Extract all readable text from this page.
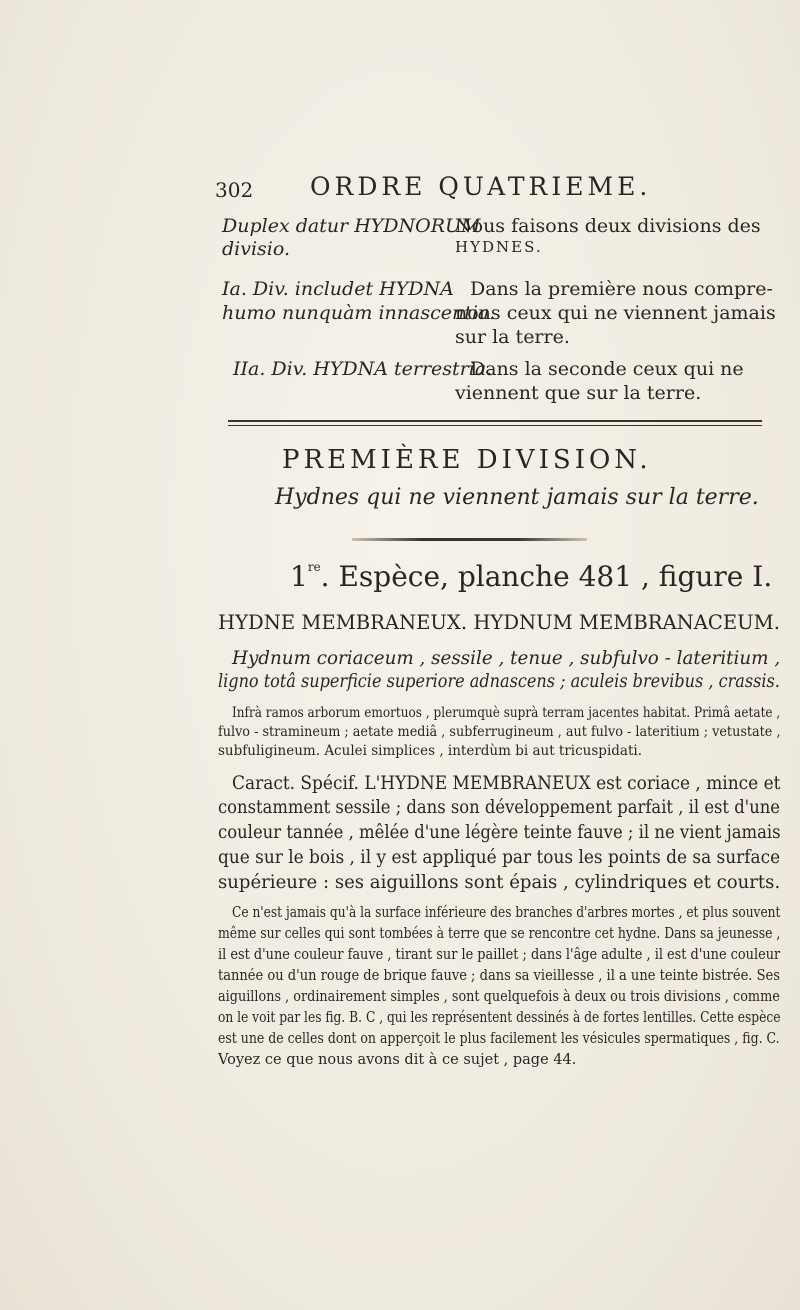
302 ORDRE QUATRIEME.
Duplex datur HYDNORUM
divisio.
Nous faisons deux divisions des
HYDNES.
Ia. Div. includet HYDNA
humo nunquàm innascentia.
Dans la première nous compre-
nons ceux qui ne viennent jamais
sur la terre.
IIa. Div. HYDNA terrestria.
Dans la seconde ceux qui ne
viennent que sur la terre.
PREMIÈRE DIVISION.
Hydnes qui ne viennent jamais sur la terre.
1re. Espèce, planche 481 , figure I.
HYDNE MEMBRANEUX. HYDNUM MEMBRANACEUM.
Hydnum coriaceum , sessile , tenue , subfulvo - lateritium ,
ligno totâ superficie superiore adnascens ; aculeis brevibus , crassis.
Infrà ramos arborum emortuos , plerumquè suprà terram jacentes habitat. Primâ aetate ,
fulvo - stramineum ; aetate mediâ , subferrugineum , aut fulvo - lateritium ; vetustate ,
subfuligineum. Aculei simplices , interdùm bi aut tricuspidati.
Caract. Spécif. L'HYDNE MEMBRANEUX est coriace , mince et
constamment sessile ; dans son développement parfait , il est d'une
couleur tannée , mêlée d'une légère teinte fauve ; il ne vient jamais
que sur le bois , il y est appliqué par tous les points de sa surface
supérieure : ses aiguillons sont épais , cylindriques et courts.
Ce n'est jamais qu'à la surface inférieure des branches d'arbres mortes , et plus souvent
même sur celles qui sont tombées à terre que se rencontre cet hydne. Dans sa jeunesse ,
il est d'une couleur fauve , tirant sur le paillet ; dans l'âge adulte , il est d'une couleur
tannée ou d'un rouge de brique fauve ; dans sa vieillesse , il a une teinte bistrée. Ses
aiguillons , ordinairement simples , sont quelquefois à deux ou trois divisions , comme
on le voit par les fig. B. C , qui les représentent dessinés à de fortes lentilles. Cette espèce
est une de celles dont on apperçoit le plus facilement les vésicules spermatiques , fig. C.
Voyez ce que nous avons dit à ce sujet , page 44.
